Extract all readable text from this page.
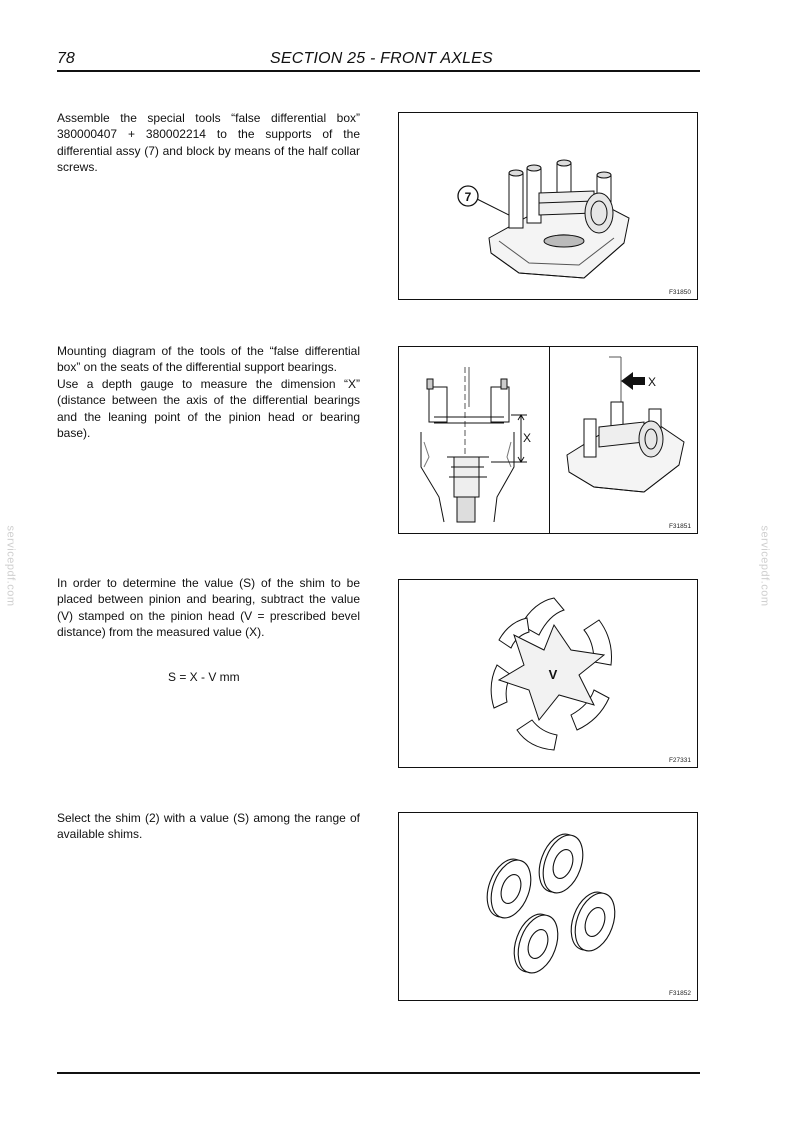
78	SECTION 25 - FRONT AXLES
servicepdf.com	servicepdf.com
Assemble the special tools “false differential box” 380000407 + 380002214 to the supports of the differential assy (7) and block by means of the half collar screws.
7
F31850
Mounting diagram of the tools of the “false differential box” on the seats of the differential support bearings.
Use a depth gauge to measure the dimension “X” (distance between the axis of the differential bearings and the leaning point of the pinion head or bearing base).	X
X
F31851
In order to determine the value (S) of the shim to be placed between pinion and bearing, subtract the value (V) stamped on the pinion head (V = prescribed bevel distance) from the measured value (X).
S = X - V mm	V
F27331
Select the shim (2) with a value (S) among the range of available shims.
F31852
